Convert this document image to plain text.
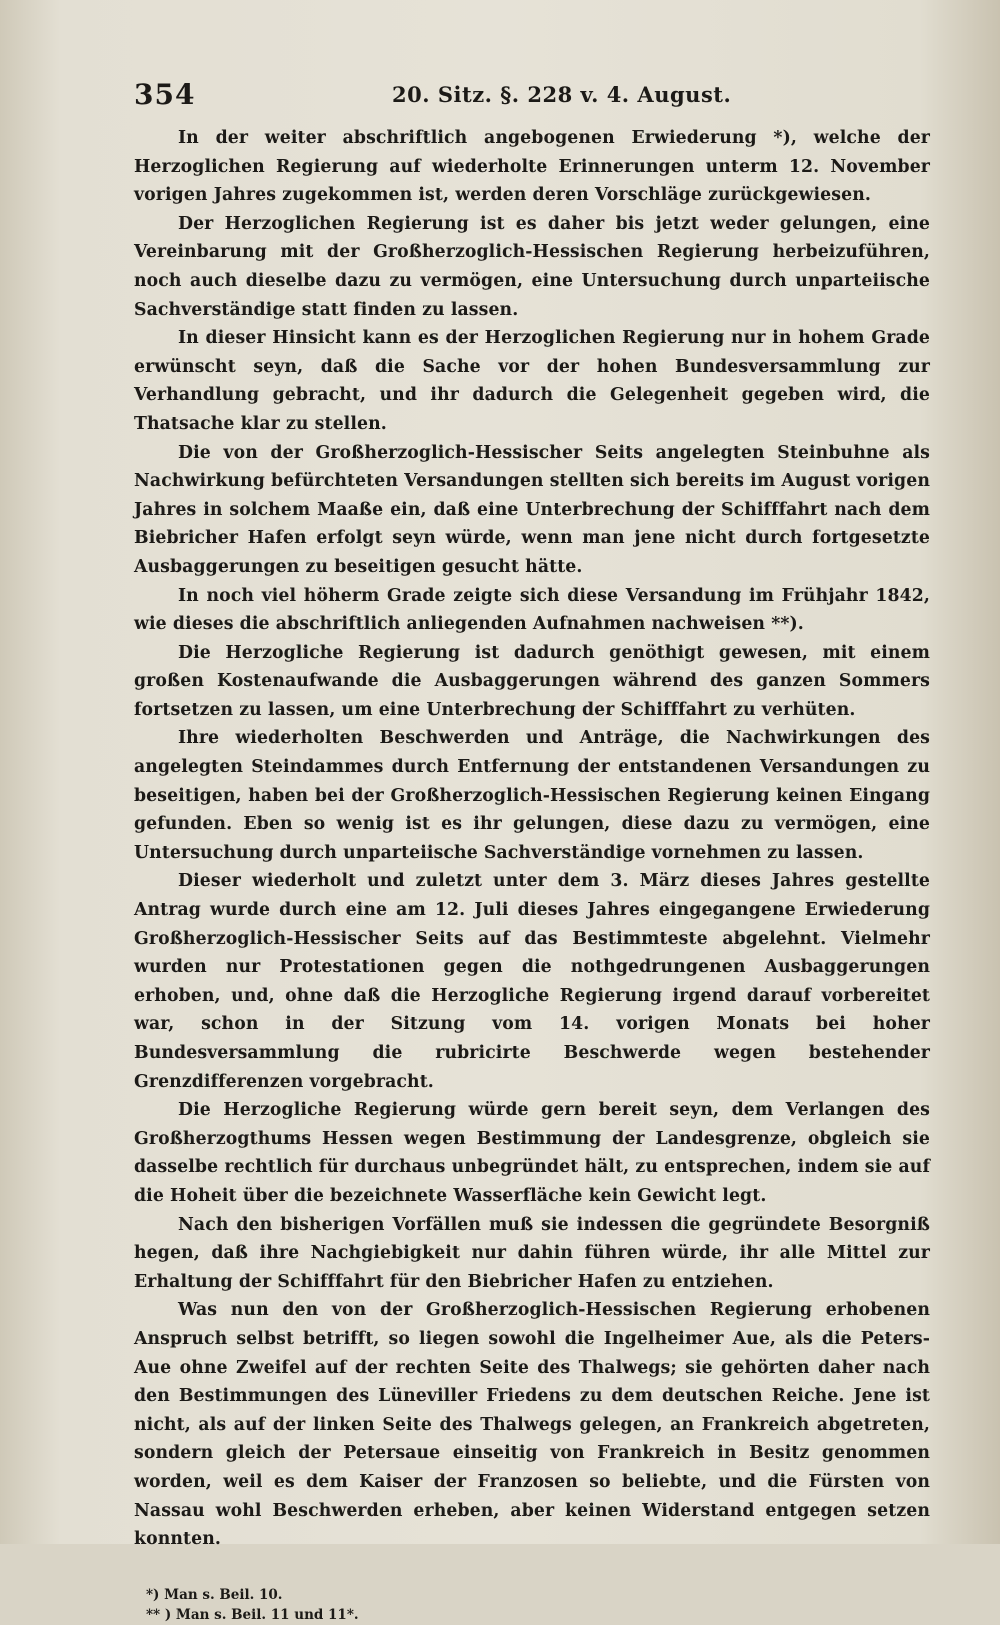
354	20. Sitz. §. 228 v. 4. August.

In der weiter abschriftlich angebogenen Erwiederung *), welche der Herzoglichen Regierung auf wiederholte Erinnerungen unterm 12. November vorigen Jahres zugekommen ist, werden deren Vorschläge zurückgewiesen.

Der Herzoglichen Regierung ist es daher bis jetzt weder gelungen, eine Vereinbarung mit der Großherzoglich-Hessischen Regierung herbeizuführen, noch auch dieselbe dazu zu vermögen, eine Untersuchung durch unparteiische Sachverständige statt finden zu lassen.

In dieser Hinsicht kann es der Herzoglichen Regierung nur in hohem Grade erwünscht seyn, daß die Sache vor der hohen Bundesversammlung zur Verhandlung gebracht, und ihr dadurch die Gelegenheit gegeben wird, die Thatsache klar zu stellen.

Die von der Großherzoglich-Hessischer Seits angelegten Steinbuhne als Nachwirkung befürchteten Versandungen stellten sich bereits im August vorigen Jahres in solchem Maaße ein, daß eine Unterbrechung der Schifffahrt nach dem Biebricher Hafen erfolgt seyn würde, wenn man jene nicht durch fortgesetzte Ausbaggerungen zu beseitigen gesucht hätte.

In noch viel höherm Grade zeigte sich diese Versandung im Frühjahr 1842, wie dieses die abschriftlich anliegenden Aufnahmen nachweisen **).

Die Herzogliche Regierung ist dadurch genöthigt gewesen, mit einem großen Kostenaufwande die Ausbaggerungen während des ganzen Sommers fortsetzen zu lassen, um eine Unterbrechung der Schifffahrt zu verhüten.

Ihre wiederholten Beschwerden und Anträge, die Nachwirkungen des angelegten Steindammes durch Entfernung der entstandenen Versandungen zu beseitigen, haben bei der Großherzoglich-Hessischen Regierung keinen Eingang gefunden. Eben so wenig ist es ihr gelungen, diese dazu zu vermögen, eine Untersuchung durch unparteiische Sachverständige vornehmen zu lassen.

Dieser wiederholt und zuletzt unter dem 3. März dieses Jahres gestellte Antrag wurde durch eine am 12. Juli dieses Jahres eingegangene Erwiederung Großherzoglich-Hessischer Seits auf das Bestimmteste abgelehnt. Vielmehr wurden nur Protestationen gegen die nothgedrungenen Ausbaggerungen erhoben, und, ohne daß die Herzogliche Regierung irgend darauf vorbereitet war, schon in der Sitzung vom 14. vorigen Monats bei hoher Bundesversammlung die rubricirte Beschwerde wegen bestehender Grenzdifferenzen vorgebracht.

Die Herzogliche Regierung würde gern bereit seyn, dem Verlangen des Großherzogthums Hessen wegen Bestimmung der Landesgrenze, obgleich sie dasselbe rechtlich für durchaus unbegründet hält, zu entsprechen, indem sie auf die Hoheit über die bezeichnete Wasserfläche kein Gewicht legt.

Nach den bisherigen Vorfällen muß sie indessen die gegründete Besorgniß hegen, daß ihre Nachgiebigkeit nur dahin führen würde, ihr alle Mittel zur Erhaltung der Schifffahrt für den Biebricher Hafen zu entziehen.

Was nun den von der Großherzoglich-Hessischen Regierung erhobenen Anspruch selbst betrifft, so liegen sowohl die Ingelheimer Aue, als die Peters-Aue ohne Zweifel auf der rechten Seite des Thalwegs; sie gehörten daher nach den Bestimmungen des Lüneviller Friedens zu dem deutschen Reiche. Jene ist nicht, als auf der linken Seite des Thalwegs gelegen, an Frankreich abgetreten, sondern gleich der Petersaue einseitig von Frankreich in Besitz genommen worden, weil es dem Kaiser der Franzosen so beliebte, und die Fürsten von Nassau wohl Beschwerden erheben, aber keinen Widerstand entgegen setzen konnten.

*) Man s. Beil. 10.

** ) Man s. Beil. 11 und 11*.
